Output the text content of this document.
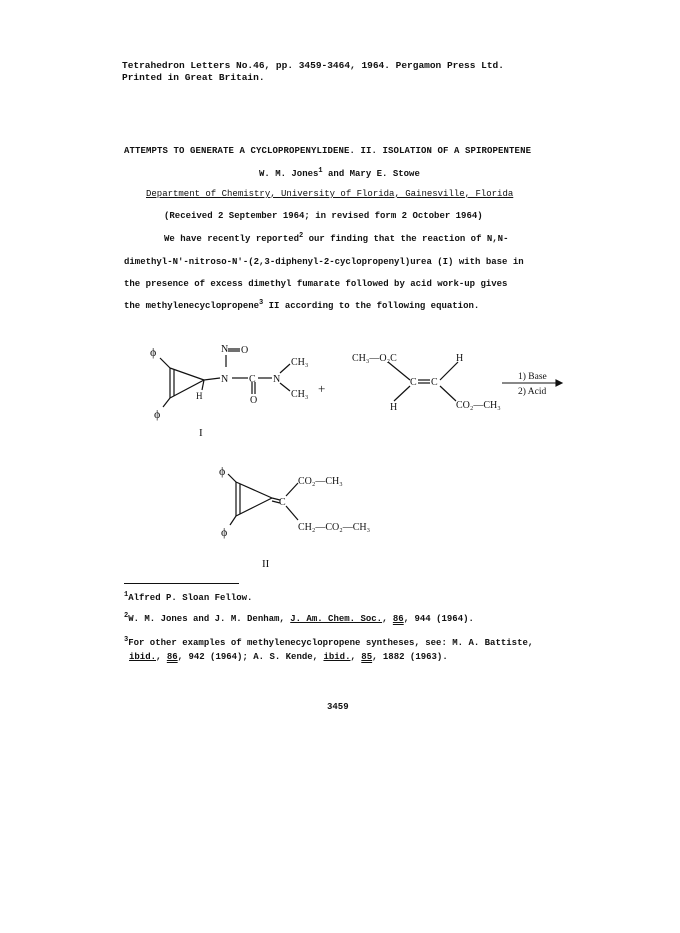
Tetrahedron Letters No.46, pp. 3459-3464, 1964. Pergamon Press Ltd.
Printed in Great Britain.
ATTEMPTS TO GENERATE A CYCLOPROPENYLIDENE. II. ISOLATION OF A SPIROPENTENE
W. M. Jones$^1$ and Mary E. Stowe
Department of Chemistry, University of Florida, Gainesville, Florida
(Received 2 September 1964; in revised form 2 October 1964)
We have recently reported$^2$ our finding that the reaction of N,N-
dimethyl-N'-nitroso-N'-(2,3-diphenyl-2-cyclopropenyl)urea (I) with base in
the presence of excess dimethyl fumarate followed by acid work-up gives
the methylenecyclopropene$^3$ II according to the following equation.
ϕ
ϕ
N O
N C N
O
CH₃
CH₃
H
I
+
CH₃—O₂C	H
C C
H	CO₂—CH₃
1) Base
2) Acid
ϕ
ϕ
C
CO₂—CH₃
CH₂—CO₂—CH₃
II
$^1$Alfred P. Sloan Fellow.
$^2$W. M. Jones and J. M. Denham, J. Am. Chem. Soc., 86, 944 (1964).
$^3$For other examples of methylenecyclopropene syntheses, see: M. A. Battiste,
ibid., 86, 942 (1964); A. S. Kende, ibid., 85, 1882 (1963).
3459
